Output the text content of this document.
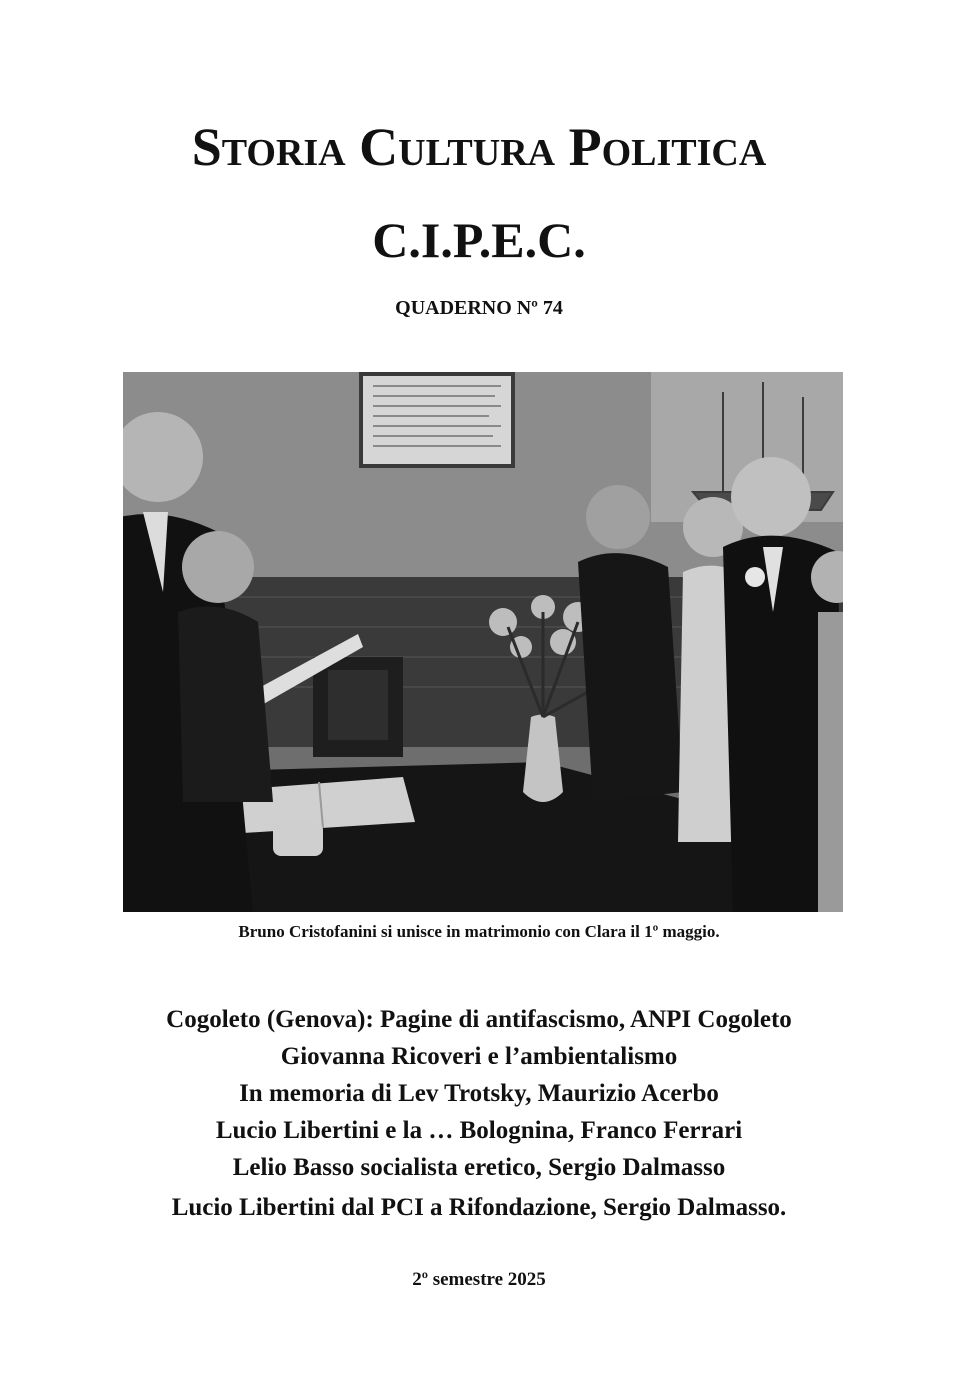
Storia Cultura Politica
C.I.P.E.C.
QUADERNO Nº 74
Bruno Cristofanini si unisce in matrimonio con Clara il 1º maggio.
Cogoleto (Genova): Pagine di antifascismo, ANPI Cogoleto
Giovanna Ricoveri e l’ambientalismo
In memoria di Lev Trotsky, Maurizio Acerbo
Lucio Libertini e la … Bolognina, Franco Ferrari
Lelio Basso socialista eretico, Sergio Dalmasso
Lucio Libertini dal PCI a Rifondazione, Sergio Dalmasso.
2º semestre 2025
